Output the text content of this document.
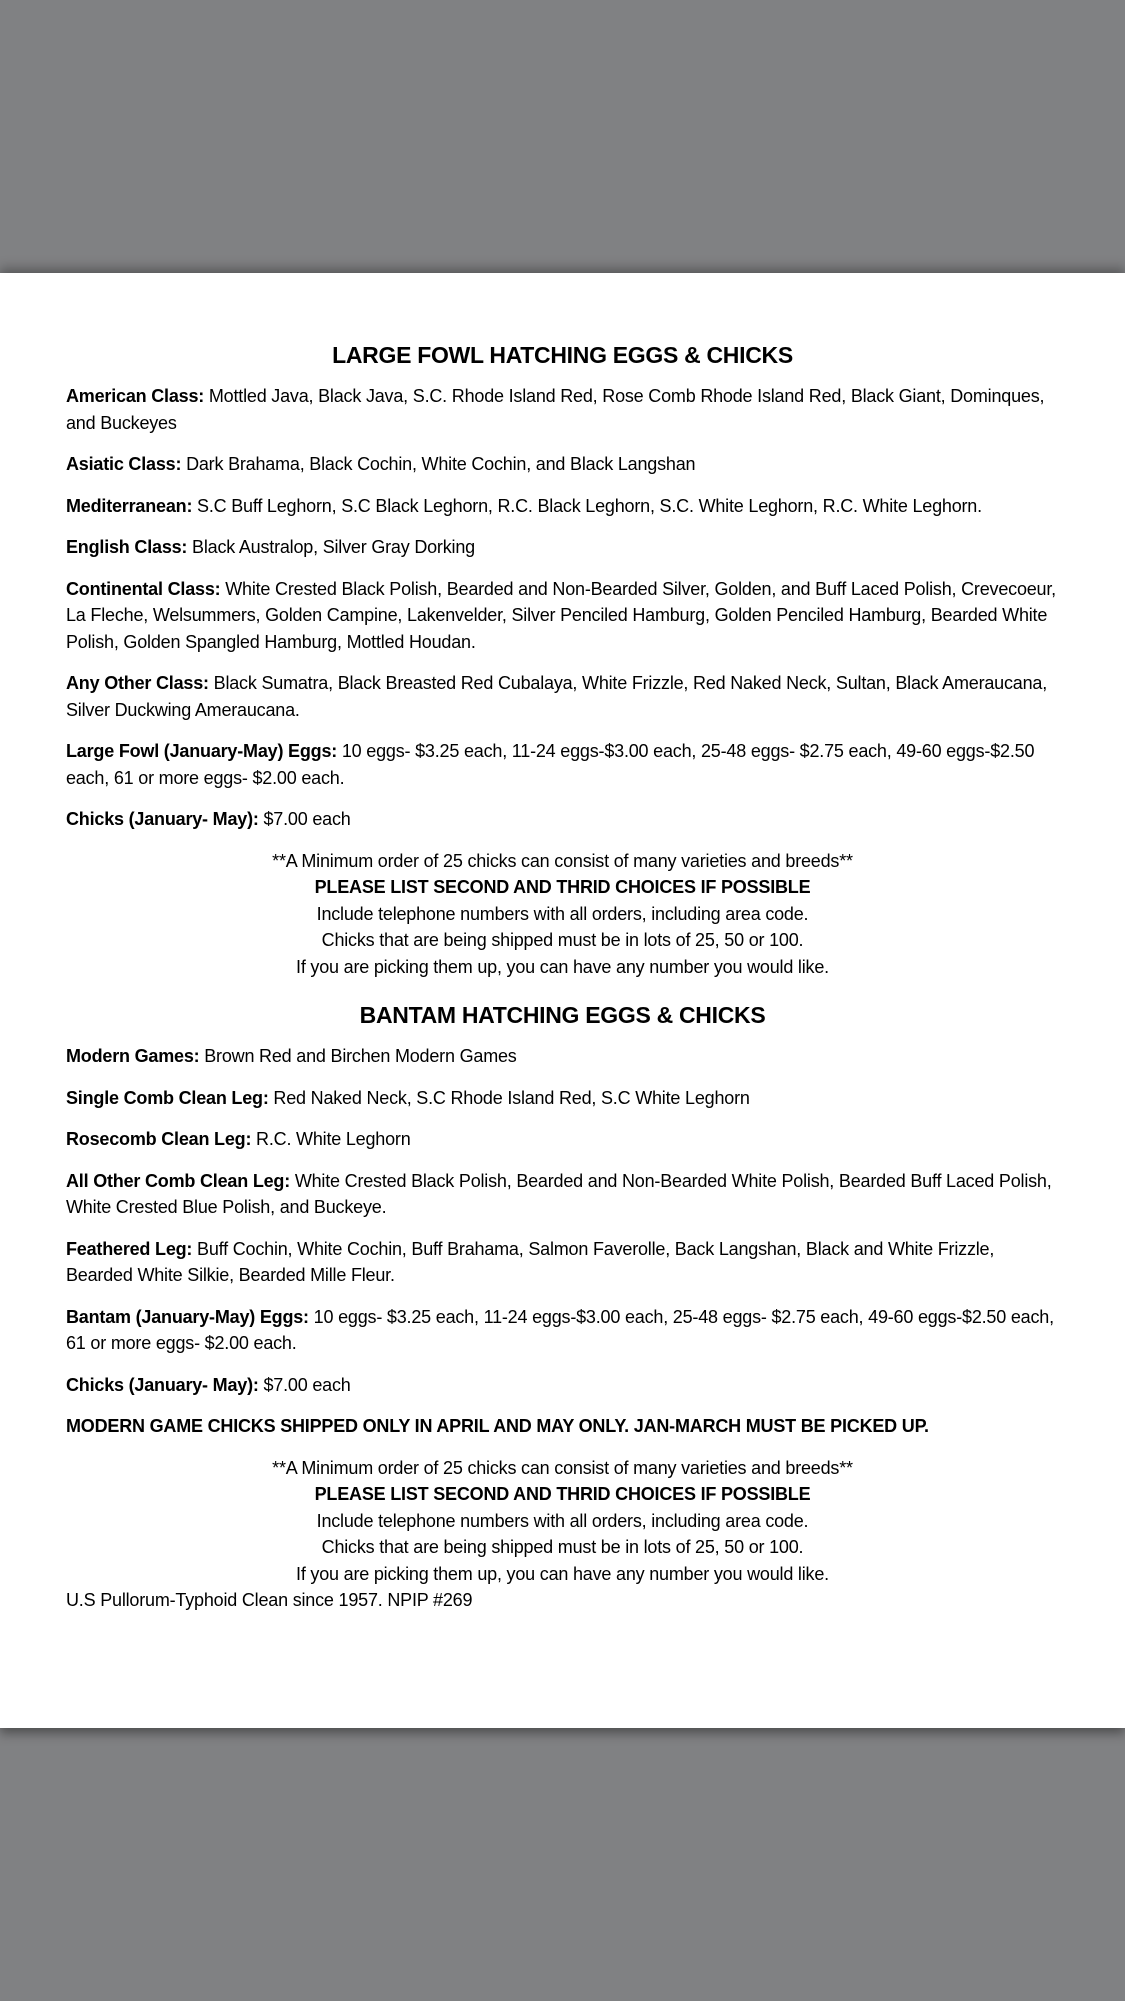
LARGE FOWL HATCHING EGGS & CHICKS

American Class: Mottled Java, Black Java, S.C. Rhode Island Red, Rose Comb Rhode Island Red, Black Giant, Dominques, and Buckeyes

Asiatic Class: Dark Brahama, Black Cochin, White Cochin, and Black Langshan

Mediterranean: S.C Buff Leghorn, S.C Black Leghorn, R.C. Black Leghorn, S.C. White Leghorn, R.C. White Leghorn.

English Class: Black Australop, Silver Gray Dorking

Continental Class: White Crested Black Polish, Bearded and Non-Bearded Silver, Golden, and Buff Laced Polish, Crevecoeur, La Fleche, Welsummers, Golden Campine, Lakenvelder, Silver Penciled Hamburg, Golden Penciled Hamburg, Bearded White Polish, Golden Spangled Hamburg, Mottled Houdan.

Any Other Class: Black Sumatra, Black Breasted Red Cubalaya, White Frizzle, Red Naked Neck, Sultan, Black Ameraucana, Silver Duckwing Ameraucana.

Large Fowl (January-May) Eggs: 10 eggs- $3.25 each, 11-24 eggs-$3.00 each, 25-48 eggs- $2.75 each, 49-60 eggs-$2.50 each, 61 or more eggs- $2.00 each.

Chicks (January- May): $7.00 each

**A Minimum order of 25 chicks can consist of many varieties and breeds**

PLEASE LIST SECOND AND THRID CHOICES IF POSSIBLE

Include telephone numbers with all orders, including area code.

Chicks that are being shipped must be in lots of 25, 50 or 100.

If you are picking them up, you can have any number you would like.

BANTAM HATCHING EGGS & CHICKS

Modern Games: Brown Red and Birchen Modern Games

Single Comb Clean Leg: Red Naked Neck, S.C Rhode Island Red, S.C White Leghorn

Rosecomb Clean Leg: R.C. White Leghorn

All Other Comb Clean Leg: White Crested Black Polish, Bearded and Non-Bearded White Polish, Bearded Buff Laced Polish, White Crested Blue Polish, and Buckeye.

Feathered Leg: Buff Cochin, White Cochin, Buff Brahama, Salmon Faverolle, Back Langshan, Black and White Frizzle, Bearded White Silkie, Bearded Mille Fleur.

Bantam (January-May) Eggs: 10 eggs- $3.25 each, 11-24 eggs-$3.00 each, 25-48 eggs- $2.75 each, 49-60 eggs-$2.50 each, 61 or more eggs- $2.00 each.

Chicks (January- May): $7.00 each

MODERN GAME CHICKS SHIPPED ONLY IN APRIL AND MAY ONLY. JAN-MARCH MUST BE PICKED UP.

**A Minimum order of 25 chicks can consist of many varieties and breeds**

PLEASE LIST SECOND AND THRID CHOICES IF POSSIBLE

Include telephone numbers with all orders, including area code.

Chicks that are being shipped must be in lots of 25, 50 or 100.

If you are picking them up, you can have any number you would like.

U.S Pullorum-Typhoid Clean since 1957. NPIP #269
